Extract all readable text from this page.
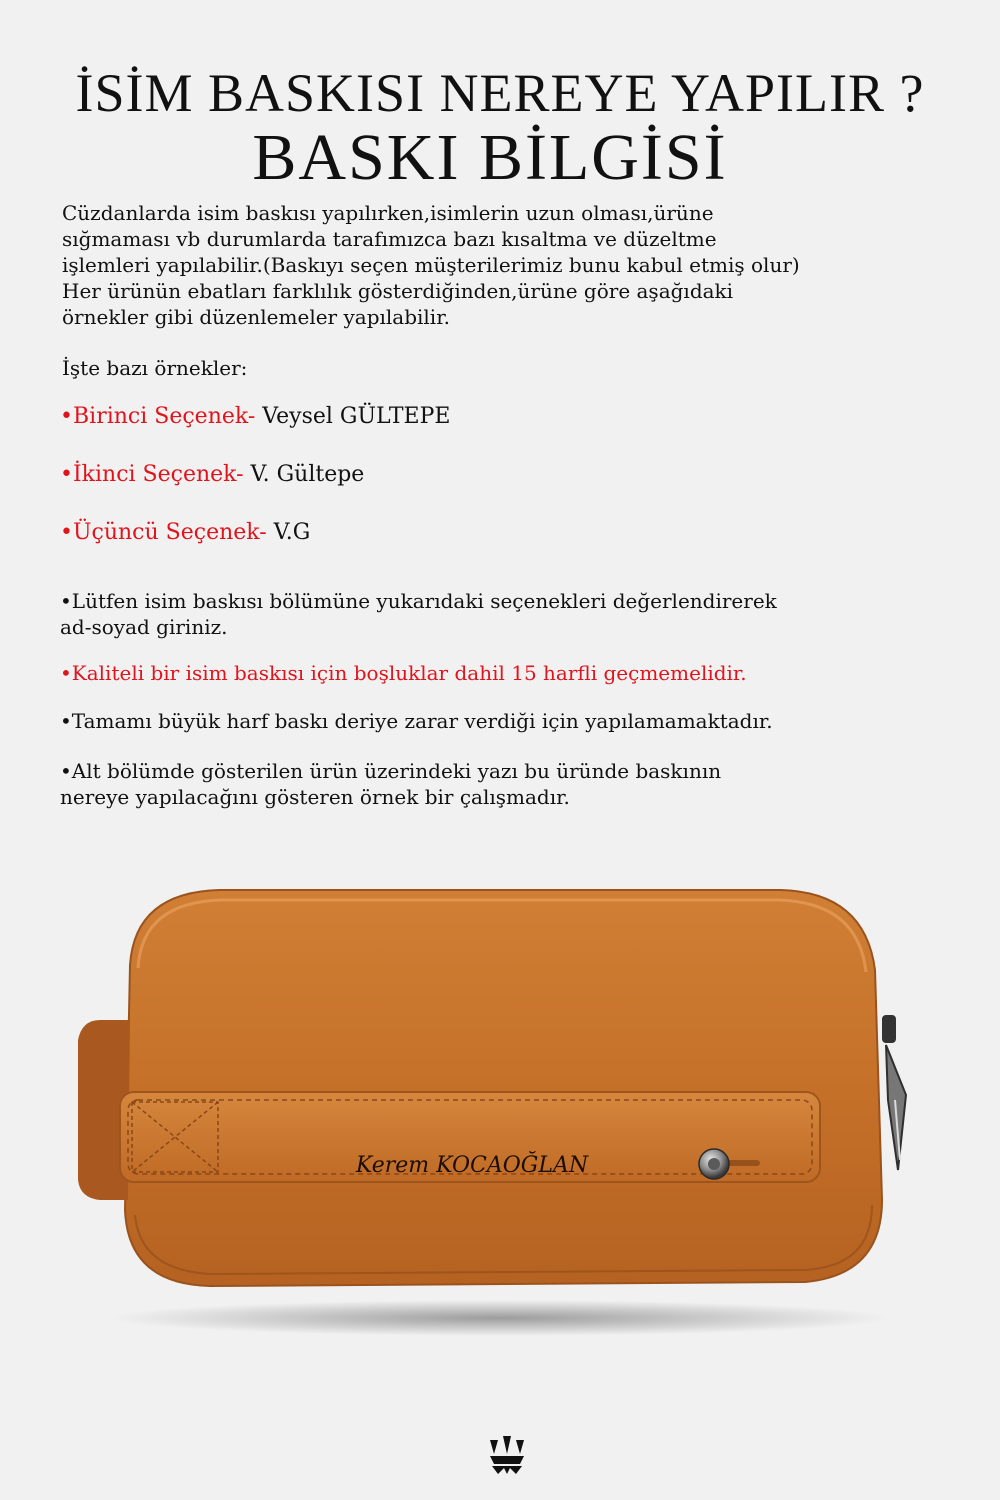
İSİM BASKISI NEREYE YAPILIR ?
BASKI BİLGİSİ

Cüzdanlarda isim baskısı yapılırken,isimlerin uzun olması,ürüne
sığmaması vb durumlarda tarafımızca bazı kısaltma ve düzeltme
işlemleri yapılabilir.(Baskıyı seçen müşterilerimiz bunu kabul etmiş olur)
Her ürünün ebatları farklılık gösterdiğinden,ürüne göre aşağıdaki
örnekler gibi düzenlemeler yapılabilir.

İşte bazı örnekler:

•Birinci Seçenek- Veysel GÜLTEPE
•İkinci Seçenek- V. Gültepe
•Üçüncü Seçenek- V.G

•Lütfen isim baskısı bölümüne yukarıdaki seçenekleri değerlendirerek
ad-soyad giriniz.

•Kaliteli bir isim baskısı için boşluklar dahil 15 harfli geçmemelidir.

•Tamamı büyük harf baskı deriye zarar verdiği için yapılamamaktadır.

•Alt bölümde gösterilen ürün üzerindeki yazı bu üründe baskının
nereye yapılacağını gösteren örnek bir çalışmadır.

Kerem KOCAOĞLAN
